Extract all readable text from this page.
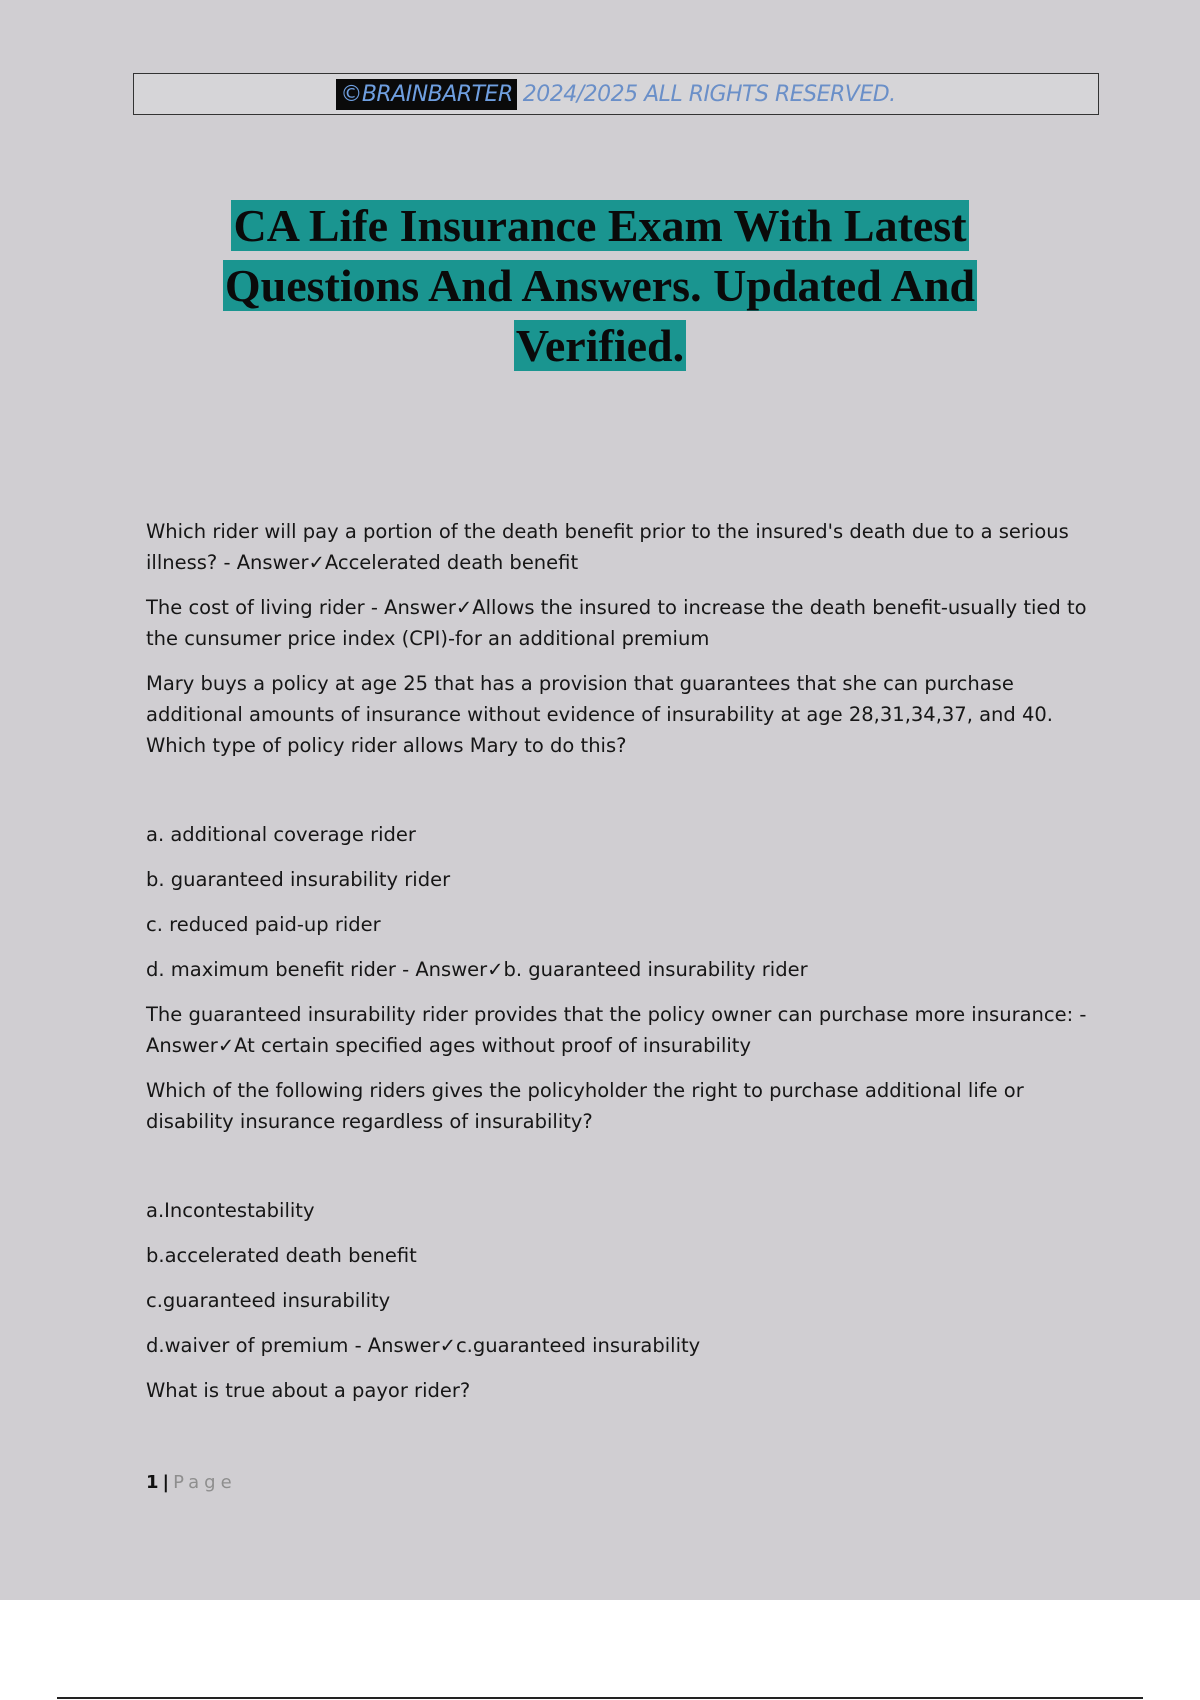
©BRAINBARTER 2024/2025 ALL RIGHTS RESERVED.
CA Life Insurance Exam With Latest
Questions And Answers. Updated And
Verified.

Which rider will pay a portion of the death benefit prior to the insured's death due to a serious illness? - Answer✓Accelerated death benefit

The cost of living rider - Answer✓Allows the insured to increase the death benefit-usually tied to the cunsumer price index (CPI)-for an additional premium

Mary buys a policy at age 25 that has a provision that guarantees that she can purchase additional amounts of insurance without evidence of insurability at age 28,31,34,37, and 40. Which type of policy rider allows Mary to do this?

a. additional coverage rider

b. guaranteed insurability rider

c. reduced paid-up rider

d. maximum benefit rider - Answer✓b. guaranteed insurability rider

The guaranteed insurability rider provides that the policy owner can purchase more insurance: - Answer✓At certain specified ages without proof of insurability

Which of the following riders gives the policyholder the right to purchase additional life or disability insurance regardless of insurability?

a.Incontestability

b.accelerated death benefit

c.guaranteed insurability

d.waiver of premium - Answer✓c.guaranteed insurability

What is true about a payor rider?

1 | Page
